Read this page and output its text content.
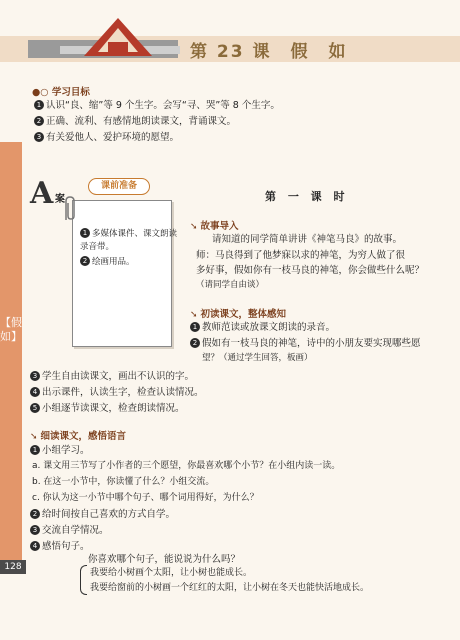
第 23 课　假　如
【假　如】
128
●○ 学习目标
1 认识“良、缩”等 9 个生字。会写“寻、哭”等 8 个生字。
2 正确、流利、有感情地朗读课文，背诵课文。
3 有关爱他人、爱护环境的愿望。
A 案
课前准备
1 多媒体课件、课文朗读
录音带。
2 绘画用品。
第 一 课 时
➘ 故事导入
请知道的同学简单讲讲《神笔马良》的故事。
师：马良得到了他梦寐以求的神笔，为穷人做了很
多好事，假如你有一枝马良的神笔，你会做些什么呢？
（请同学自由谈）
➘ 初读课文，整体感知
1 教师范读或放课文朗读的录音。
2 假如有一枝马良的神笔，诗中的小朋友要实现哪些愿
望？（通过学生回答，板画）
3 学生自由读课文，画出不认识的字。
4 出示课件，认读生字，检查认读情况。
5 小组逐节读课文，检查朗读情况。
➘ 细读课文，感悟语言
1 小组学习。
a. 课文用三节写了小作者的三个愿望，你最喜欢哪个小节？在小组内读一读。
b. 在这一小节中，你读懂了什么？小组交流。
c. 你认为这一小节中哪个句子、哪个词用得好，为什么？
2 给时间按自己喜欢的方式自学。
3 交流自学情况。
4 感悟句子。
你喜欢哪个句子，能说说为什么吗？
我要给小树画个太阳，让小树也能成长。
我要给窗前的小树画一个红红的太阳，让小树在冬天也能快活地成长。
